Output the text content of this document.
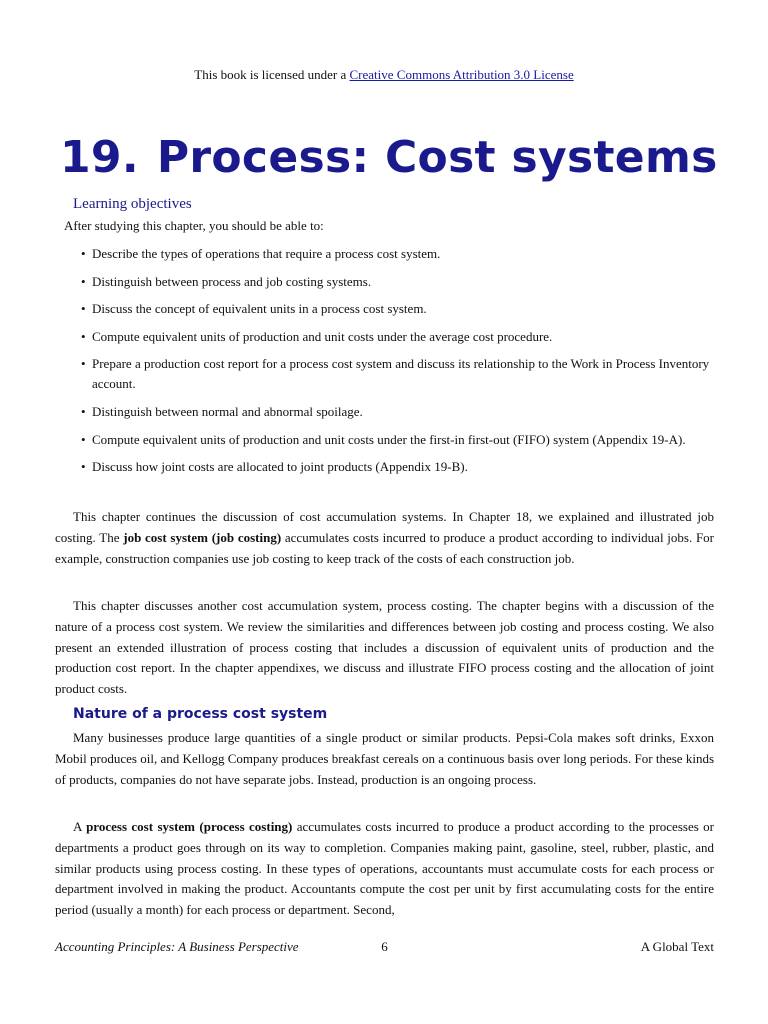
This book is licensed under a Creative Commons Attribution 3.0 License
19. Process: Cost systems
Learning objectives
After studying this chapter, you should be able to:
• Describe the types of operations that require a process cost system.
• Distinguish between process and job costing systems.
• Discuss the concept of equivalent units in a process cost system.
• Compute equivalent units of production and unit costs under the average cost procedure.
• Prepare a production cost report for a process cost system and discuss its relationship to the Work in Process Inventory account.
• Distinguish between normal and abnormal spoilage.
• Compute equivalent units of production and unit costs under the first-in first-out (FIFO) system (Appendix 19-A).
• Discuss how joint costs are allocated to joint products (Appendix 19-B).

This chapter continues the discussion of cost accumulation systems. In Chapter 18, we explained and illustrated job costing. The job cost system (job costing) accumulates costs incurred to produce a product according to individual jobs. For example, construction companies use job costing to keep track of the costs of each construction job.

This chapter discusses another cost accumulation system, process costing. The chapter begins with a discussion of the nature of a process cost system. We review the similarities and differences between job costing and process costing. We also present an extended illustration of process costing that includes a discussion of equivalent units of production and the production cost report. In the chapter appendixes, we discuss and illustrate FIFO process costing and the allocation of joint product costs.

Nature of a process cost system

Many businesses produce large quantities of a single product or similar products. Pepsi-Cola makes soft drinks, Exxon Mobil produces oil, and Kellogg Company produces breakfast cereals on a continuous basis over long periods. For these kinds of products, companies do not have separate jobs. Instead, production is an ongoing process.

A process cost system (process costing) accumulates costs incurred to produce a product according to the processes or departments a product goes through on its way to completion. Companies making paint, gasoline, steel, rubber, plastic, and similar products using process costing. In these types of operations, accountants must accumulate costs for each process or department involved in making the product. Accountants compute the cost per unit by first accumulating costs for the entire period (usually a month) for each process or department. Second,

Accounting Principles: A Business Perspective	6	A Global Text
